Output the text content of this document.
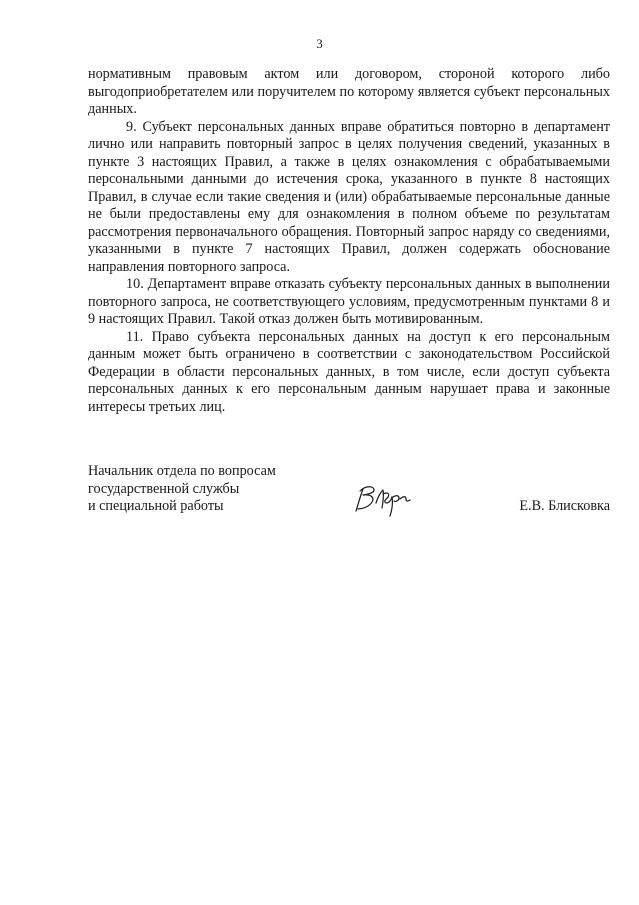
3

нормативным правовым актом или договором, стороной которого либо выгодоприобретателем или поручителем по которому является субъект персональных данных.

9. Субъект персональных данных вправе обратиться повторно в департамент лично или направить повторный запрос в целях получения сведений, указанных в пункте 3 настоящих Правил, а также в целях ознакомления с обрабатываемыми персональными данными до истечения срока, указанного в пункте 8 настоящих Правил, в случае если такие сведения и (или) обрабатываемые персональные данные не были предоставлены ему для ознакомления в полном объеме по результатам рассмотрения первоначального обращения. Повторный запрос наряду со сведениями, указанными в пункте 7 настоящих Правил, должен содержать обоснование направления повторного запроса.

10. Департамент вправе отказать субъекту персональных данных в выполнении повторного запроса, не соответствующего условиям, предусмотренным пунктами 8 и 9 настоящих Правил. Такой отказ должен быть мотивированным.

11. Право субъекта персональных данных на доступ к его персональным данным может быть ограничено в соответствии с законодательством Российской Федерации в области персональных данных, в том числе, если доступ субъекта персональных данных к его персональным данным нарушает права и законные интересы третьих лиц.

Начальник отдела по вопросам
государственной службы
и специальной работы	Е.В. Блисковка
